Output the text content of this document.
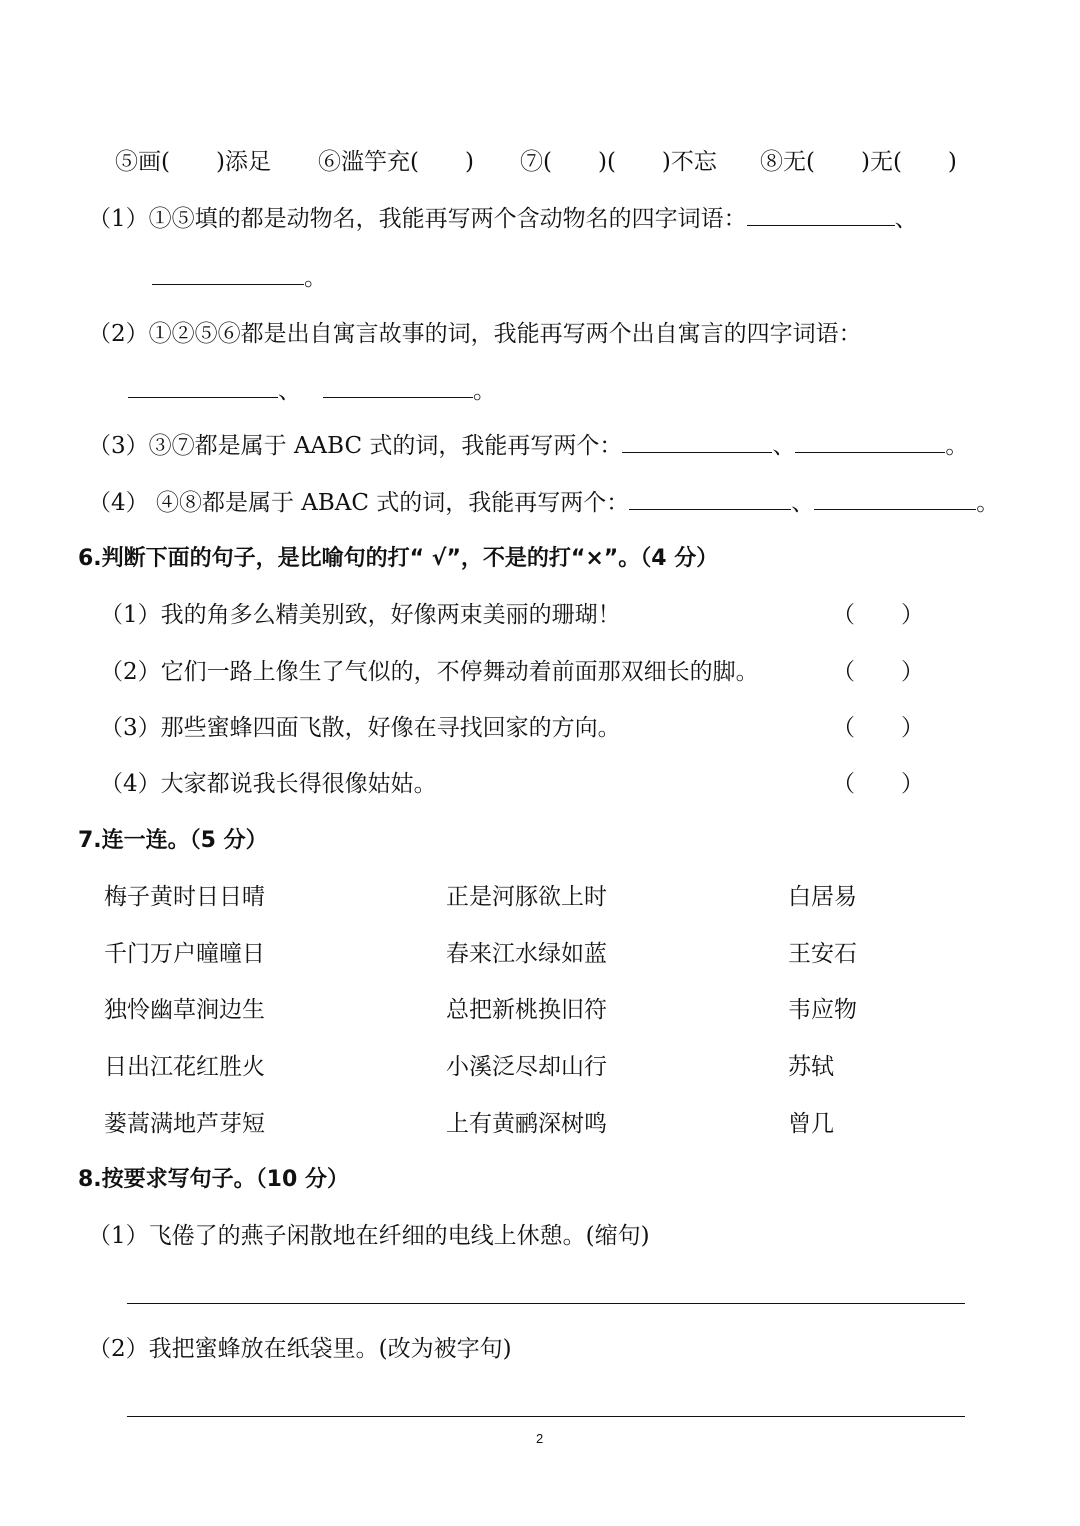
⑤画(　　)添足 ⑥滥竽充(　　) ⑦(　　)(　　)不忘 ⑧无(　　)无(　　)
（1）①⑤填的都是动物名，我能再写两个含动物名的四字词语：	、
。
（2）①②⑤⑥都是出自寓言故事的词，我能再写两个出自寓言的四字词语：
、	。
（3）③⑦都是属于 AABC 式的词，我能再写两个：	、	。
（4） ④⑧都是属于 ABAC 式的词，我能再写两个：	、	。
6.判断下面的句子，是比喻句的打“ √”，不是的打“×”。（4 分）
（1）我的角多么精美别致，好像两束美丽的珊瑚！	（　　）
（2）它们一路上像生了气似的，不停舞动着前面那双细长的脚。	（　　）
（3）那些蜜蜂四面飞散，好像在寻找回家的方向。	（　　）
（4）大家都说我长得很像姑姑。	（　　）
7.连一连。（5 分）
梅子黄时日日晴	正是河豚欲上时	白居易
千门万户曈曈日	春来江水绿如蓝	王安石
独怜幽草涧边生	总把新桃换旧符	韦应物
日出江花红胜火	小溪泛尽却山行	苏轼
蒌蒿满地芦芽短	上有黄鹂深树鸣	曾几
8.按要求写句子。（10 分）
（1）飞倦了的燕子闲散地在纤细的电线上休憩。(缩句)
（2）我把蜜蜂放在纸袋里。(改为被字句)
2
